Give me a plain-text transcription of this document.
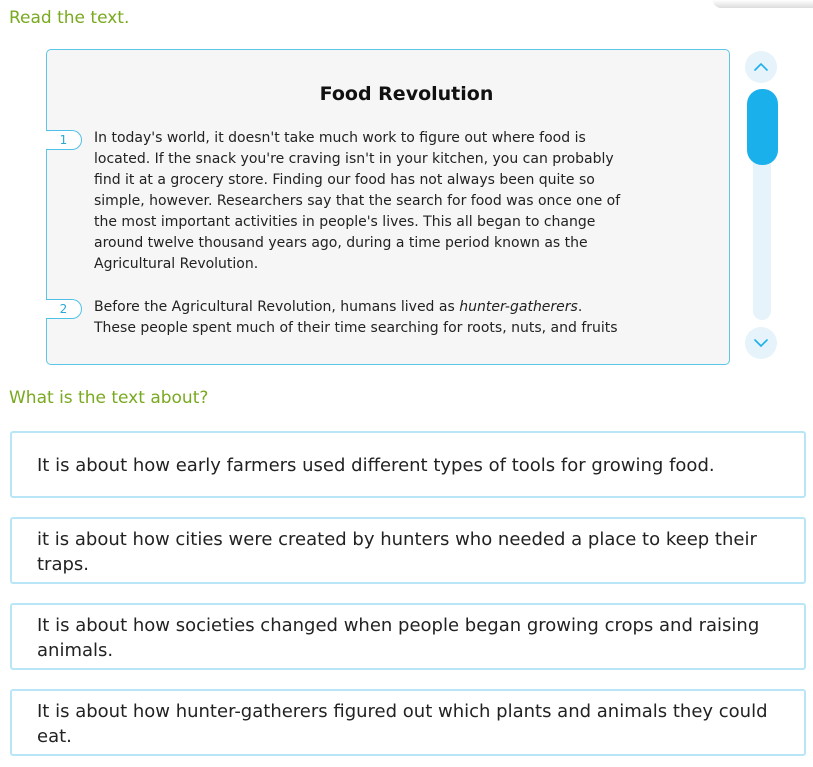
Read the text.
Food Revolution
1	In today's world, it doesn't take much work to figure out where food is
located. If the snack you're craving isn't in your kitchen, you can probably
find it at a grocery store. Finding our food has not always been quite so
simple, however. Researchers say that the search for food was once one of
the most important activities in people's lives. This all began to change
around twelve thousand years ago, during a time period known as the
Agricultural Revolution.
2	Before the Agricultural Revolution, humans lived as hunter-gatherers.
These people spent much of their time searching for roots, nuts, and fruits
What is the text about?
It is about how early farmers used different types of tools for growing food.
it is about how cities were created by hunters who needed a place to keep their traps.
It is about how societies changed when people began growing crops and raising animals.
It is about how hunter-gatherers figured out which plants and animals they could eat.
